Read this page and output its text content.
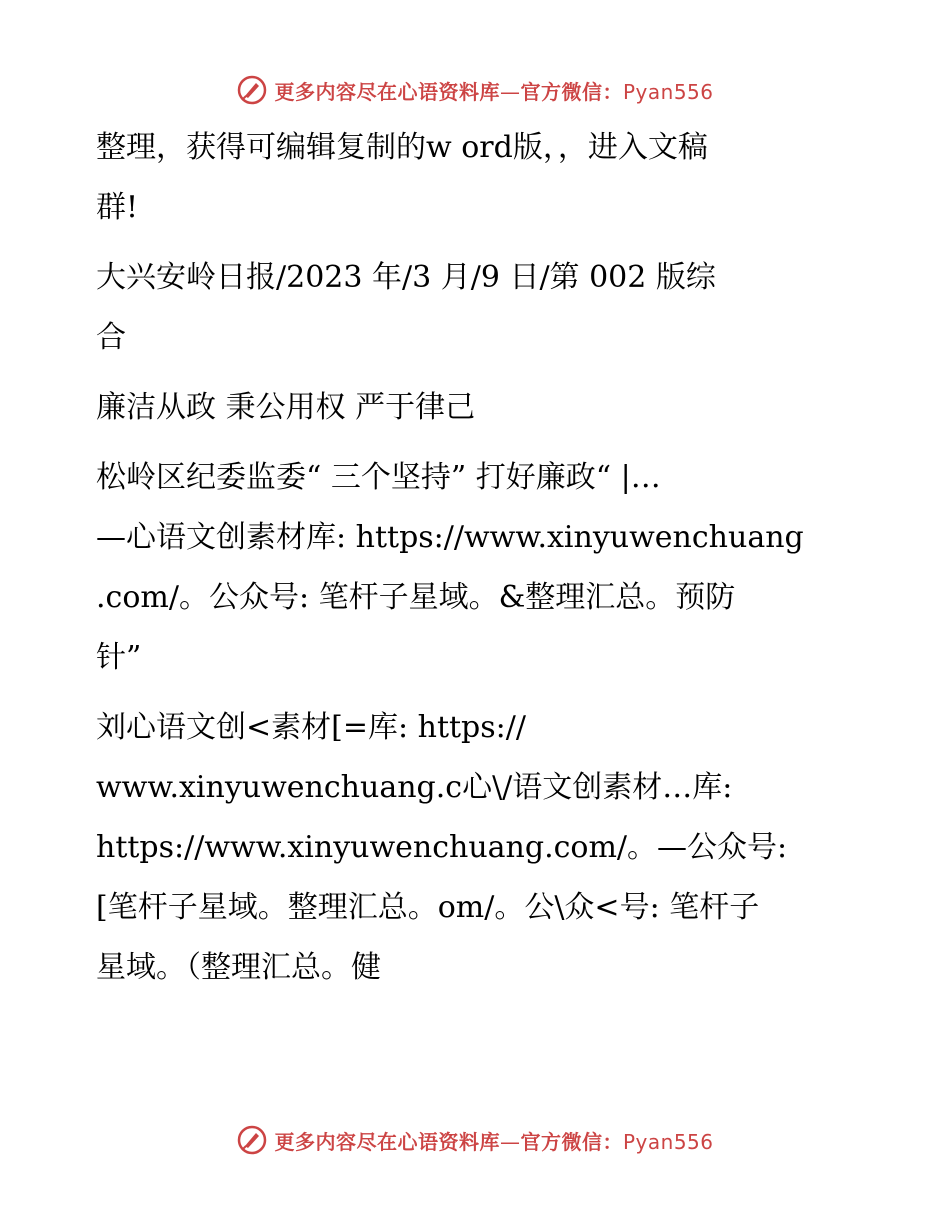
更多内容尽在心语资料库—官方微信：Pyan556
整理，获得可编辑复制的w ord版，，进入文稿
群!
大兴安岭日报/2023 年/3 月/9 日/第 002 版综
合
廉洁从政 秉公用权 严于律己
松岭区纪委监委“ 三个坚持” 打好廉政“ |…
—心语文创素材库: https://www.xinyuwenchuang
.com/。公众号: 笔杆子星域。&整理汇总。预防
针”
刘心语文创<素材[=库: https://
www.xinyuwenchuang.c心\/语文创素材…库:
https://www.xinyuwenchuang.com/。—公众号:
[笔杆子星域。整理汇总。om/。公\众<号: 笔杆子
星域。（整理汇总。健
更多内容尽在心语资料库—官方微信：Pyan556
